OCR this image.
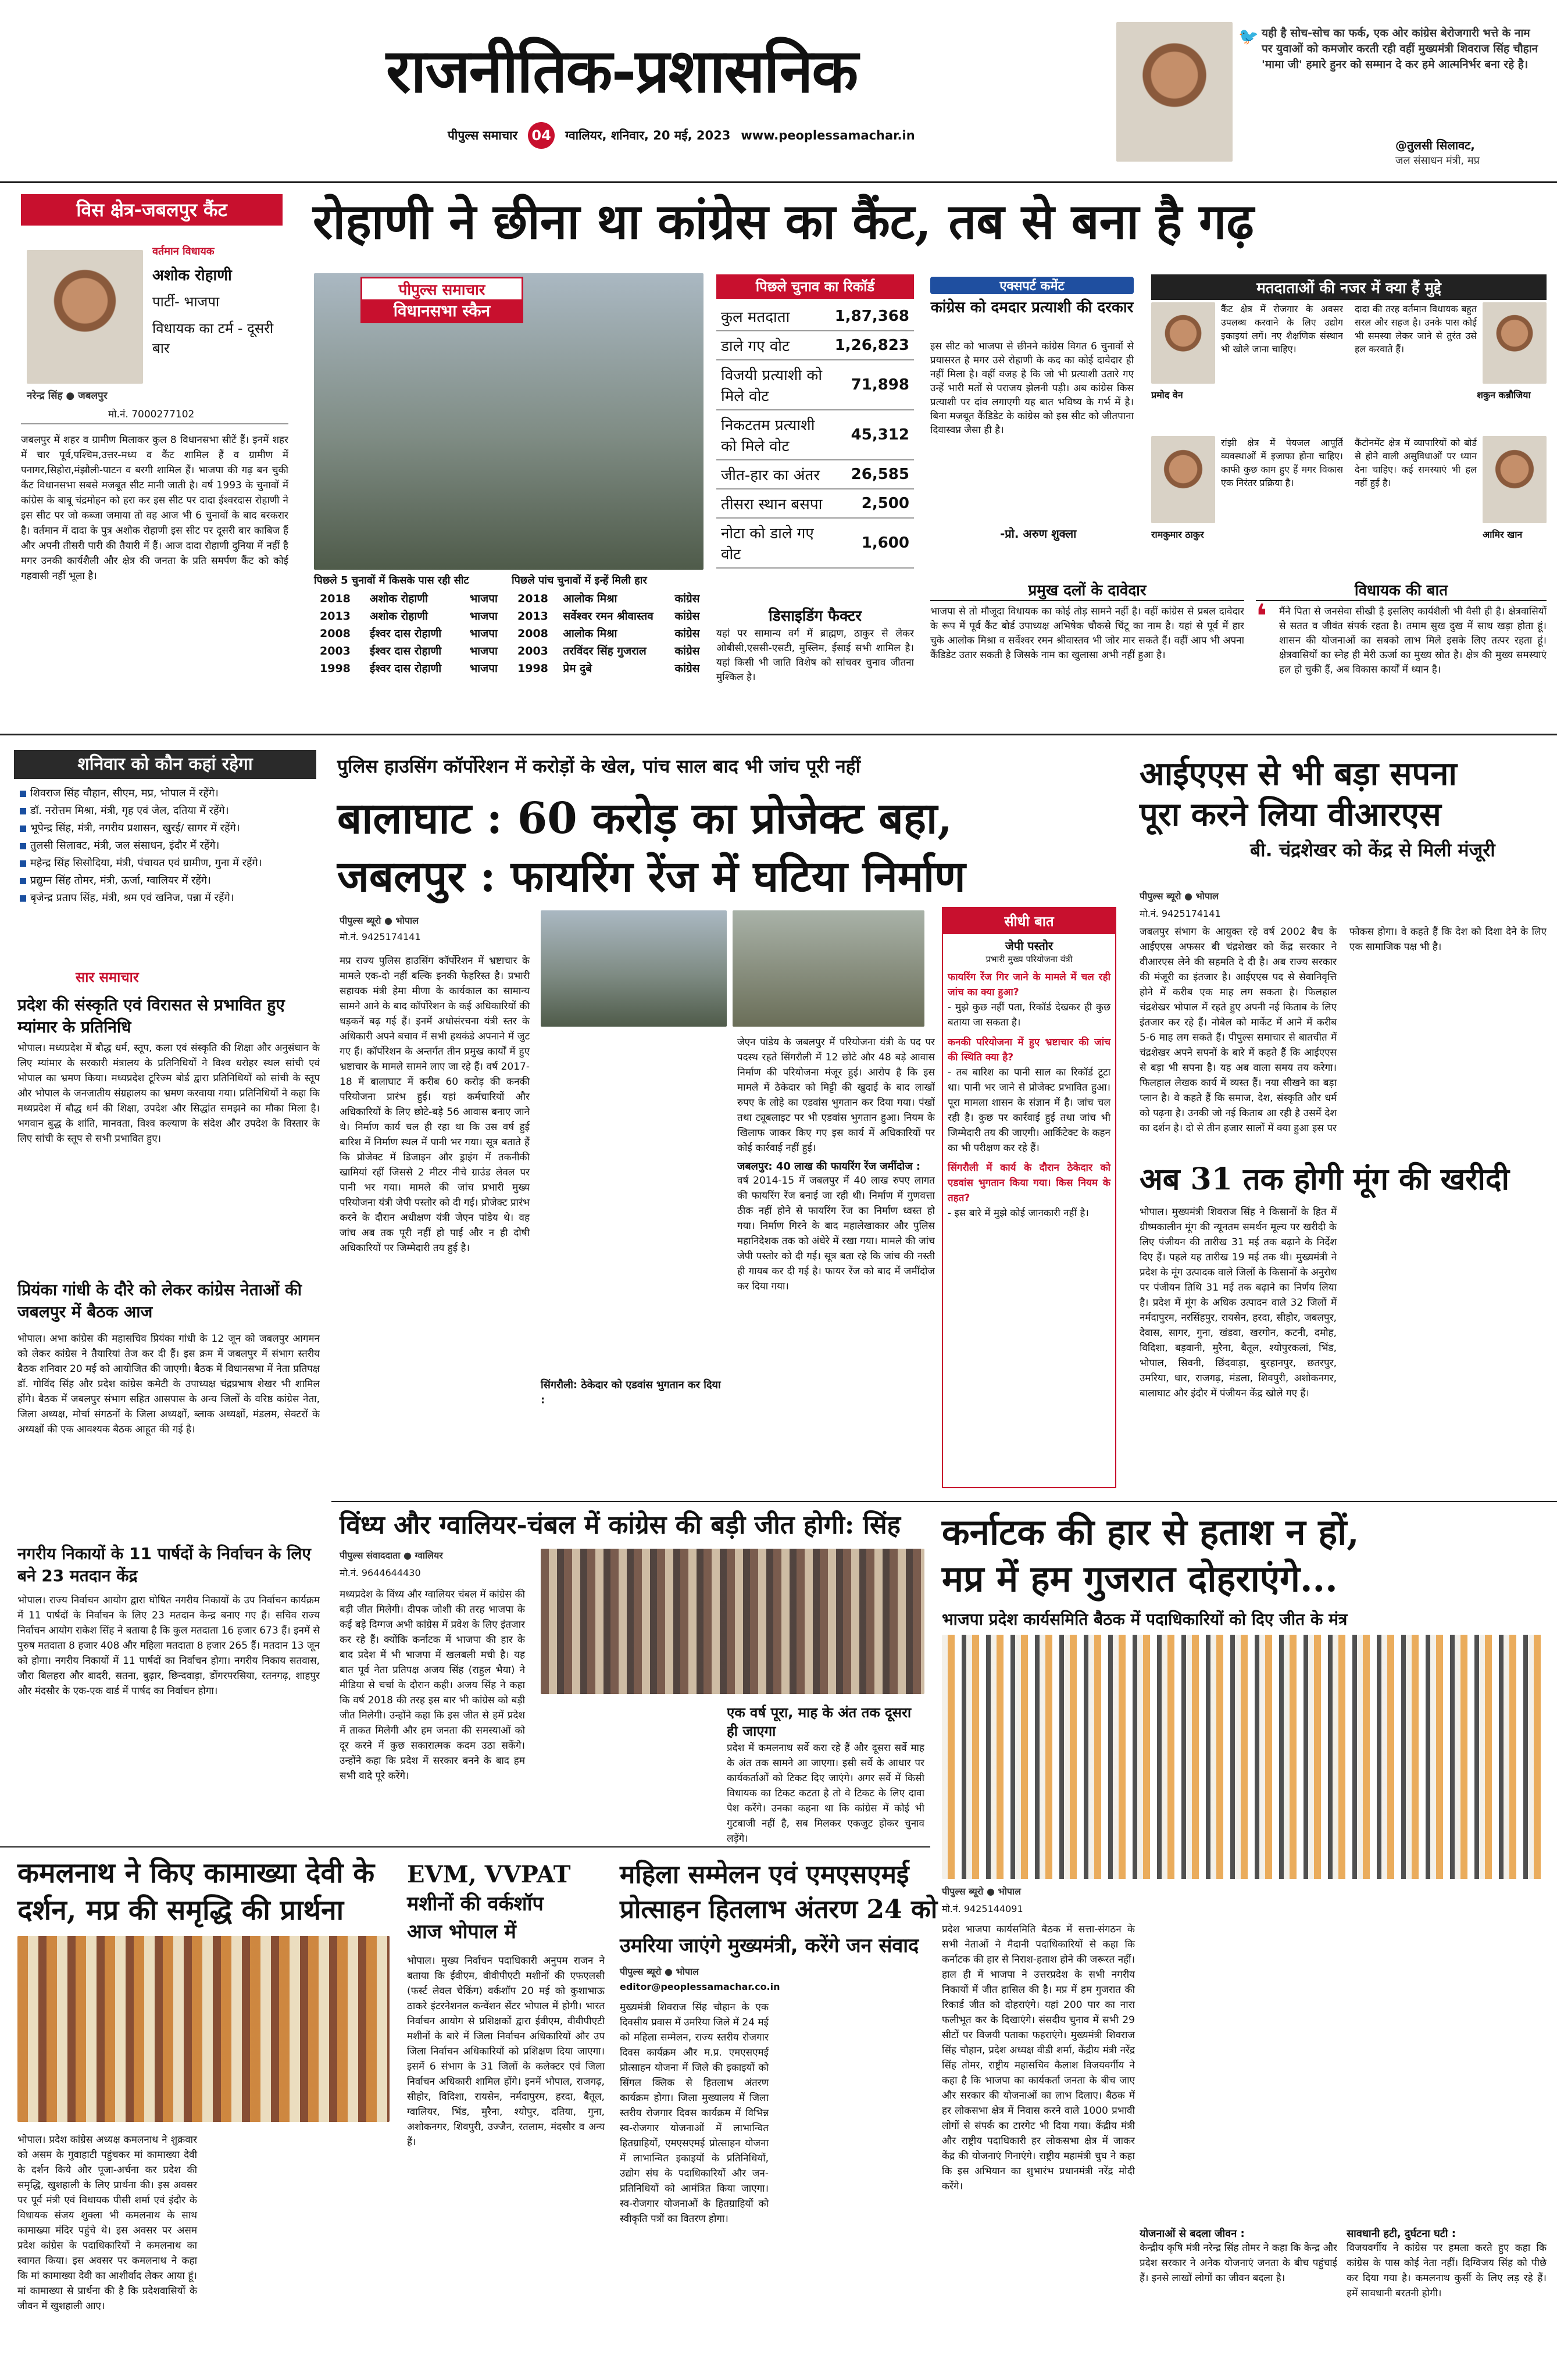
राजनीतिक-प्रशासनिक
पीपुल्स समाचार 04 ग्वालियर, शनिवार, 20 मई, 2023 www.peoplessamachar.in
🐦 यही है सोच-सोच का फर्क, एक ओर कांग्रेस बेरोजगारी भत्ते के नाम पर युवाओं को कमजोर करती रही वहीं मुख्यमंत्री शिवराज सिंह चौहान 'मामा जी' हमारे हुनर को सम्मान दे कर हमे आत्मनिर्भर बना रहे है।
@तुलसी सिलावट,
जल संसाधन मंत्री, मप्र
विस क्षेत्र-जबलपुर कैंट	रोहाणी ने छीना था कांग्रेस का कैंट, तब से बना है गढ़
वर्तमान विधायक
अशोक रोहाणी
पार्टी- भाजपा
विधायक का टर्म - दूसरी बार
नरेन्द्र सिंह ● जबलपुर
मो.नं. 7000277102
जबलपुर में शहर व ग्रामीण मिलाकर कुल 8 विधानसभा सीटें हैं। इनमें शहर में चार पूर्व,पश्चिम,उत्तर-मध्य व कैंट शामिल हैं व ग्रामीण में पनागर,सिहोरा,मंझौली-पाटन व बरगी शामिल हैं। भाजपा की गढ़ बन चुकी कैंट विधानसभा सबसे मजबूत सीट मानी जाती है। वर्ष 1993 के चुनावों में कांग्रेस के बाबू चंद्रमोहन को हरा कर इस सीट पर दादा ईश्वरदास रोहाणी ने इस सीट पर जो कब्जा जमाया तो वह आज भी 6 चुनावों के बाद बरकरार है। वर्तमान में दादा के पुत्र अशोक रोहाणी इस सीट पर दूसरी बार काबिज हैं और अपनी तीसरी पारी की तैयारी में हैं। आज दादा रोहाणी दुनिया में नहीं है मगर उनकी कार्यशैली और क्षेत्र की जनता के प्रति समर्पण कैंट को कोई गहवासी नहीं भूला है।
पीपुल्स समाचार
विधानसभा स्कैन
पिछले 5 चुनावों में किसके पास रही सीट
2018	अशोक रोहाणी	भाजपा
2013	अशोक रोहाणी	भाजपा
2008	ईश्वर दास रोहाणी	भाजपा
2003	ईश्वर दास रोहाणी	भाजपा
1998	ईश्वर दास रोहाणी	भाजपा
पिछले पांच चुनावों में इन्हें मिली हार
2018	आलोक मिश्रा	कांग्रेस
2013	सर्वेश्वर रमन श्रीवास्तव	कांग्रेस
2008	आलोक मिश्रा	कांग्रेस
2003	तरविंदर सिंह गुजराल	कांग्रेस
1998	प्रेम दुबे	कांग्रेस
पिछले चुनाव का रिकॉर्ड
कुल मतदाता	1,87,368
डाले गए वोट	1,26,823
विजयी प्रत्याशी को मिले वोट	71,898
निकटतम प्रत्याशी को मिले वोट	45,312
जीत-हार का अंतर	26,585
तीसरा स्थान बसपा	2,500
नोटा को डाले गए वोट	1,600
डिसाइडिंग फैक्टर
यहां पर सामान्य वर्ग में ब्राह्मण, ठाकुर से लेकर ओबीसी,एससी-एसटी, मुस्लिम, ईसाई सभी शामिल है। यहां किसी भी जाति विशेष को सांचवर चुनाव जीतना मुश्किल है।
एक्सपर्ट कमेंट
कांग्रेस को दमदार प्रत्याशी की दरकार
इस सीट को भाजपा से छीनने कांग्रेस विगत 6 चुनावों से प्रयासरत है मगर उसे रोहाणी के कद का कोई दावेदार ही नहीं मिला है। वहीं वजह है कि जो भी प्रत्याशी उतारे गए उन्हें भारी मतों से पराजय झेलनी पड़ी। अब कांग्रेस किस प्रत्याशी पर दांव लगाएगी यह बात भविष्य के गर्भ में है। बिना मजबूत कैंडिडेट के कांग्रेस को इस सीट को जीतपाना दिवास्वप्न जैसा ही है।
-प्रो. अरुण शुक्ला
मतदाताओं की नजर में क्या हैं मुद्दे
कैंट क्षेत्र में रोजगार के अवसर उपलब्ध करवाने के लिए उद्योग इकाइयां लगें। नए शैक्षणिक संस्थान भी खोले जाना चाहिए।
प्रमोद वेन
दादा की तरह वर्तमान विधायक बहुत सरल और सहज है। उनके पास कोई भी समस्या लेकर जाने से तुरंत उसे हल करवाते हैं।
शकुन कन्नौजिया
रांझी क्षेत्र में पेयजल आपूर्ति व्यवस्थाओं में इजाफा होना चाहिए। काफी कुछ काम हुए हैं मगर विकास एक निरंतर प्रक्रिया है।
रामकुमार ठाकुर
कैंटोनमेंट क्षेत्र में व्यापारियों को बोर्ड से होने वाली असुविधाओं पर ध्यान देना चाहिए। कई समस्याएं भी हल नहीं हुई है।
आमिर खान
प्रमुख दलों के दावेदार
भाजपा से तो मौजूदा विधायक का कोई तोड़ सामने नहीं है। वहीं कांग्रेस से प्रबल दावेदार के रूप में पूर्व कैंट बोर्ड उपाध्यक्ष अभिषेक चौकसे चिंटू का नाम है। यहां से पूर्व में हार चुके आलोक मिश्रा व सर्वेश्वर रमन श्रीवास्तव भी जोर मार सकते हैं। वहीं आप भी अपना कैंडिडेट उतार सकती है जिसके नाम का खुलासा अभी नहीं हुआ है।
विधायक की बात
❛ मैंने पिता से जनसेवा सीखी है इसलिए कार्यशैली भी वैसी ही है। क्षेत्रवासियों से सतत व जीवंत संपर्क रहता है। तमाम सुख दुख में साथ खड़ा होता हूं। शासन की योजनाओं का सबको लाभ मिले इसके लिए तत्पर रहता हूं। क्षेत्रवासियों का स्नेह ही मेरी ऊर्जा का मुख्य स्रोत है। क्षेत्र की मुख्य समस्याएं हल हो चुकी हैं, अब विकास कार्यों में ध्यान है।
शनिवार को कौन कहां रहेगा
शिवराज सिंह चौहान, सीएम, मप्र, भोपाल में रहेंगे।
डॉ. नरोत्तम मिश्रा, मंत्री, गृह एवं जेल, दतिया में रहेंगे।
भूपेन्द्र सिंह, मंत्री, नगरीय प्रशासन, खुरई/ सागर में रहेंगे।
तुलसी सिलावट, मंत्री, जल संसाधन, इंदौर में रहेंगे।
महेन्द्र सिंह सिसोदिया, मंत्री, पंचायत एवं ग्रामीण, गुना में रहेंगे।
प्रद्युम्न सिंह तोमर, मंत्री, ऊर्जा, ग्वालियर में रहेंगे।
बृजेन्द्र प्रताप सिंह, मंत्री, श्रम एवं खनिज, पन्ना में रहेंगे।
सार समाचार
प्रदेश की संस्कृति एवं विरासत से प्रभावित हुए म्यांमार के प्रतिनिधि
भोपाल। मध्यप्रदेश में बौद्ध धर्म, स्तूप, कला एवं संस्कृति की शिक्षा और अनुसंधान के लिए म्यांमार के सरकारी मंत्रालय के प्रतिनिधियों ने विश्व धरोहर स्थल सांची एवं भोपाल का भ्रमण किया। मध्यप्रदेश टूरिज्म बोर्ड द्वारा प्रतिनिधियों को सांची के स्तूप और भोपाल के जनजातीय संग्रहालय का भ्रमण करवाया गया। प्रतिनिधियों ने कहा कि मध्यप्रदेश में बौद्ध धर्म की शिक्षा, उपदेश और सिद्धांत समझने का मौका मिला है। भगवान बुद्ध के शांति, मानवता, विश्व कल्याण के संदेश और उपदेश के विस्तार के लिए सांची के स्तूप से सभी प्रभावित हुए।
प्रियंका गांधी के दौरे को लेकर कांग्रेस नेताओं की जबलपुर में बैठक आज
भोपाल। अभा कांग्रेस की महासचिव प्रियंका गांधी के 12 जून को जबलपुर आगमन को लेकर कांग्रेस ने तैयारियां तेज कर दी हैं। इस क्रम में जबलपुर में संभाग स्तरीय बैठक शनिवार 20 मई को आयोजित की जाएगी। बैठक में विधानसभा में नेता प्रतिपक्ष डॉ. गोविंद सिंह और प्रदेश कांग्रेस कमेटी के उपाध्यक्ष चंद्रप्रभाष शेखर भी शामिल होंगे। बैठक में जबलपुर संभाग सहित आसपास के अन्य जिलों के वरिष्ठ कांग्रेस नेता, जिला अध्यक्ष, मोर्चा संगठनों के जिला अध्यक्षों, ब्लाक अध्यक्षों, मंडलम, सेक्टरों के अध्यक्षों की एक आवश्यक बैठक आहूत की गई है।
नगरीय निकायों के 11 पार्षदों के निर्वाचन के लिए बने 23 मतदान केंद्र
भोपाल। राज्य निर्वाचन आयोग द्वारा घोषित नगरीय निकायों के उप निर्वाचन कार्यक्रम में 11 पार्षदों के निर्वाचन के लिए 23 मतदान केन्द्र बनाए गए हैं। सचिव राज्य निर्वाचन आयोग राकेश सिंह ने बताया है कि कुल मतदाता 16 हजार 673 हैं। इनमें से पुरुष मतदाता 8 हजार 408 और महिला मतदाता 8 हजार 265 हैं। मतदान 13 जून को होगा। नगरीय निकायों में 11 पार्षदों का निर्वाचन होगा। नगरीय निकाय सतवास, जौरा बिलहरा और बादरी, सतना, बुढ़ार, छिन्दवाड़ा, डोंगरपरसिया, रतनगढ़, शाहपुर और मंदसौर के एक-एक वार्ड में पार्षद का निर्वाचन होगा।
पुलिस हाउसिंग कॉर्पोरेशन में करोड़ों के खेल, पांच साल बाद भी जांच पूरी नहीं
बालाघाट : 60 करोड़ का प्रोजेक्ट बहा,
जबलपुर : फायरिंग रेंज में घटिया निर्माण
पीपुल्स ब्यूरो ● भोपाल
मो.नं. 9425174141
मप्र राज्य पुलिस हाउसिंग कॉर्पोरेशन में भ्रष्टाचार के मामले एक-दो नहीं बल्कि इनकी फेहरिस्त है। प्रभारी सहायक मंत्री हेमा मीणा के कार्यकाल का सामान्य सामने आने के बाद कॉर्पोरेशन के कई अधिकारियों की धड़कनें बढ़ गई हैं। इनमें अधोसंरचना यंत्री स्तर के अधिकारी अपने बचाव में सभी हथकंडे अपनाने में जुट गए हैं। कॉर्पोरेशन के अन्तर्गत तीन प्रमुख कार्यों में हुए भ्रष्टाचार के मामले सामने लाए जा रहे हैं। वर्ष 2017-18 में बालाघाट में करीब 60 करोड़ की कनकी परियोजना प्रारंभ हुई। यहां कर्मचारियों और अधिकारियों के लिए छोटे-बड़े 56 आवास बनाए जाने थे। निर्माण कार्य चल ही रहा था कि उस वर्ष हुई बारिश में निर्माण स्थल में पानी भर गया। सूत्र बताते हैं कि प्रोजेक्ट में डिजाइन और ड्राइंग में तकनीकी खामियां रहीं जिससे 2 मीटर नीचे ग्राउंड लेवल पर पानी भर गया। मामले की जांच प्रभारी मुख्य परियोजना यंत्री जेपी पस्तोर को दी गई। प्रोजेक्ट प्रारंभ करने के दौरान अधीक्षण यंत्री जेएन पांडेय थे। वह जांच अब तक पूरी नहीं हो पाई और न ही दोषी अधिकारियों पर जिम्मेदारी तय हुई है।
जेएन पांडेय के जबलपुर में परियोजना यंत्री के पद पर पदस्थ रहते सिंगरौली में 12 छोटे और 48 बड़े आवास निर्माण की परियोजना मंजूर हुई। आरोप है कि इस मामले में ठेकेदार को मिट्टी की खुदाई के बाद लाखों रुपए के लोहे का एडवांस भुगतान कर दिया गया। पंखों तथा ट्यूबलाइट पर भी एडवांस भुगतान हुआ। नियम के खिलाफ जाकर किए गए इस कार्य में अधिकारियों पर कोई कार्रवाई नहीं हुई।
जबलपुर: 40 लाख की फायरिंग रेंज जमींदोज :
वर्ष 2014-15 में जबलपुर में 40 लाख रुपए लागत की फायरिंग रेंज बनाई जा रही थी। निर्माण में गुणवत्ता ठीक नहीं होने से फायरिंग रेंज का निर्माण ध्वस्त हो गया। निर्माण गिरने के बाद महालेखाकार और पुलिस महानिदेशक तक को अंधेरे में रखा गया। मामले की जांच जेपी पस्तोर को दी गई। सूत्र बता रहे कि जांच की नस्ती ही गायब कर दी गई है। फायर रेंज को बाद में जमींदोज कर दिया गया।
सिंगरौली: ठेकेदार को एडवांस भुगतान कर दिया :
सीधी बात
जेपी पस्तोर
प्रभारी मुख्य परियोजना यंत्री
फायरिंग रेंज गिर जाने के मामले में चल रही जांच का क्या हुआ?
- मुझे कुछ नहीं पता, रिकॉर्ड देखकर ही कुछ बताया जा सकता है।
कनकी परियोजना में हुए भ्रष्टाचार की जांच की स्थिति क्या है?
- तब बारिश का पानी साल का रिकॉर्ड टूटा था। पानी भर जाने से प्रोजेक्ट प्रभावित हुआ। पूरा मामला शासन के संज्ञान में है। जांच चल रही है। कुछ पर कार्रवाई हुई तथा जांच भी जिम्मेदारी तय की जाएगी। आर्किटेक्ट के कहन का भी परीक्षण कर रहे हैं।
सिंगरौली में कार्य के दौरान ठेकेदार को एडवांस भुगतान किया गया। किस नियम के तहत?
- इस बारे में मुझे कोई जानकारी नहीं है।
आईएएस से भी बड़ा सपना
पूरा करने लिया वीआरएस
बी. चंद्रशेखर को केंद्र से मिली मंजूरी
पीपुल्स ब्यूरो ● भोपाल
मो.नं. 9425174141
जबलपुर संभाग के आयुक्त रहे वर्ष 2002 बैच के आईएएस अफसर बी चंद्रशेखर को केंद्र सरकार ने वीआरएस लेने की सहमति दे दी है। अब राज्य सरकार की मंजूरी का इंतजार है। आईएएस पद से सेवानिवृत्ति होने में करीब एक माह लग सकता है। फिलहाल चंद्रशेखर भोपाल में रहते हुए अपनी नई किताब के लिए इंतजार कर रहे हैं। नोबेल को मार्केट में आने में करीब 5-6 माह लग सकते हैं। पीपुल्स समाचार से बातचीत में चंद्रशेखर अपने सपनों के बारे में कहते हैं कि आईएएस से बड़ा भी सपना है। यह अब वाला समय तय करेगा। फिलहाल लेखक कार्य में व्यस्त हैं। नया सीखने का बड़ा प्लान है। वे कहते हैं कि समाज, देश, संस्कृति और धर्म को पढ़ना है। उनकी जो नई किताब आ रही है उसमें देश का दर्शन है। दो से तीन हजार सालों में क्या हुआ इस पर फोकस होगा। वे कहते हैं कि देश को दिशा देने के लिए एक सामाजिक पक्ष भी है।
अब 31 तक होगी मूंग की खरीदी
भोपाल। मुख्यमंत्री शिवराज सिंह ने किसानों के हित में ग्रीष्मकालीन मूंग की न्यूनतम समर्थन मूल्य पर खरीदी के लिए पंजीयन की तारीख 31 मई तक बढ़ाने के निर्देश दिए हैं। पहले यह तारीख 19 मई तक थी। मुख्यमंत्री ने प्रदेश के मूंग उत्पादक वाले जिलों के किसानों के अनुरोध पर पंजीयन तिथि 31 मई तक बढ़ाने का निर्णय लिया है। प्रदेश में मूंग के अधिक उत्पादन वाले 32 जिलों में नर्मदापुरम, नरसिंहपुर, रायसेन, हरदा, सीहोर, जबलपुर, देवास, सागर, गुना, खंडवा, खरगोन, कटनी, दमोह, विदिशा, बड़वानी, मुरैना, बैतूल, श्योपुरकलां, भिंड, भोपाल, सिवनी, छिंदवाड़ा, बुरहानपुर, छतरपुर, उमरिया, धार, राजगढ़, मंडला, शिवपुरी, अशोकनगर, बालाघाट और इंदौर में पंजीयन केंद्र खोले गए हैं।
विंध्य और ग्वालियर-चंबल में कांग्रेस की बड़ी जीत होगी: सिंह
पीपुल्स संवाददाता ● ग्वालियर
मो.नं. 9644644430
मध्यप्रदेश के विंध्य और ग्वालियर चंबल में कांग्रेस की बड़ी जीत मिलेगी। दीपक जोशी की तरह भाजपा के कई बड़े दिग्गज अभी कांग्रेस में प्रवेश के लिए इंतजार कर रहे हैं। क्योंकि कर्नाटक में भाजपा की हार के बाद प्रदेश में भी भाजपा में खलबली मची है। यह बात पूर्व नेता प्रतिपक्ष अजय सिंह (राहुल भैया) ने मीडिया से चर्चा के दौरान कही। अजय सिंह ने कहा कि वर्ष 2018 की तरह इस बार भी कांग्रेस को बड़ी जीत मिलेगी। उन्होंने कहा कि इस जीत से हमें प्रदेश में ताकत मिलेगी और हम जनता की समस्याओं को दूर करने में कुछ सकारात्मक कदम उठा सकेंगे। उन्होंने कहा कि प्रदेश में सरकार बनने के बाद हम सभी वादे पूरे करेंगे।
एक वर्ष पूरा, माह के अंत तक दूसरा ही जाएगा
प्रदेश में कमलनाथ सर्वे करा रहे हैं और दूसरा सर्वे माह के अंत तक सामने आ जाएगा। इसी सर्वे के आधार पर कार्यकर्ताओं को टिकट दिए जाएंगे। अगर सर्वे में किसी विधायक का टिकट कटता है तो वे टिकट के लिए दावा पेश करेंगे। उनका कहना था कि कांग्रेस में कोई भी गुटबाजी नहीं है, सब मिलकर एकजुट होकर चुनाव लड़ेंगे।
कर्नाटक की हार से हताश न हों,
मप्र में हम गुजरात दोहराएंगे...
भाजपा प्रदेश कार्यसमिति बैठक में पदाधिकारियों को दिए जीत के मंत्र
पीपुल्स ब्यूरो ● भोपाल
मो.नं. 9425144091
प्रदेश भाजपा कार्यसमिति बैठक में सत्ता-संगठन के सभी नेताओं ने मैदानी पदाधिकारियों से कहा कि कर्नाटक की हार से निराश-हताश होने की जरूरत नहीं। हाल ही में भाजपा ने उत्तरप्रदेश के सभी नगरीय निकायों में जीत हासिल की है। मप्र में हम गुजरात की रिकार्ड जीत को दोहराएंगे। यहां 200 पार का नारा फलीभूत कर के दिखाएंगे। संसदीय चुनाव में सभी 29 सीटों पर विजयी पताका फहराएंगे। मुख्यमंत्री शिवराज सिंह चौहान, प्रदेश अध्यक्ष वीडी शर्मा, केंद्रीय मंत्री नरेंद्र सिंह तोमर, राष्ट्रीय महासचिव कैलाश विजयवर्गीय ने कहा है कि भाजपा का कार्यकर्ता जनता के बीच जाए और सरकार की योजनाओं का लाभ दिलाए। बैठक में हर लोकसभा क्षेत्र में निवास करने वाले 1000 प्रभावी लोगों से संपर्क का टारगेट भी दिया गया। केंद्रीय मंत्री और राष्ट्रीय पदाधिकारी हर लोकसभा क्षेत्र में जाकर केंद्र की योजनाएं गिनाएंगे। राष्ट्रीय महामंत्री चुघ ने कहा कि इस अभियान का शुभारंभ प्रधानमंत्री नरेंद्र मोदी करेंगे।
सावधानी हटी, दुर्घटना घटी :
विजयवर्गीय ने कांग्रेस पर हमला करते हुए कहा कि कांग्रेस के पास कोई नेता नहीं। दिग्विजय सिंह को पीछे कर दिया गया है। कमलनाथ कुर्सी के लिए लड़ रहे हैं। हमें सावधानी बरतनी होगी।
योजनाओं से बदला जीवन :
केन्द्रीय कृषि मंत्री नरेन्द्र सिंह तोमर ने कहा कि केन्द्र और प्रदेश सरकार ने अनेक योजनाएं जनता के बीच पहुंचाई हैं। इनसे लाखों लोगों का जीवन बदला है।
कमलनाथ ने किए कामाख्या देवी के दर्शन, मप्र की समृद्धि की प्रार्थना
भोपाल। प्रदेश कांग्रेस अध्यक्ष कमलनाथ ने शुक्रवार को असम के गुवाहाटी पहुंचकर मां कामाख्या देवी के दर्शन किये और पूजा-अर्चना कर प्रदेश की समृद्धि, खुशहाली के लिए प्रार्थना की। इस अवसर पर पूर्व मंत्री एवं विधायक पीसी शर्मा एवं इंदौर के विधायक संजय शुक्ला भी कमलनाथ के साथ कामाख्या मंदिर पहुंचे थे। इस अवसर पर असम प्रदेश कांग्रेस के पदाधिकारियों ने कमलनाथ का स्वागत किया। इस अवसर पर कमलनाथ ने कहा कि मां कामाख्या देवी का आशीर्वाद लेकर आया हूं। मां कामाख्या से प्रार्थना की है कि प्रदेशवासियों के जीवन में खुशहाली आए।
EVM, VVPAT
मशीनों की वर्कशॉप
आज भोपाल में
भोपाल। मुख्य निर्वाचन पदाधिकारी अनुपम राजन ने बताया कि ईवीएम, वीवीपीएटी मशीनों की एफएलसी (फर्स्ट लेवल चेकिंग) वर्कशॉप 20 मई को कुशाभाऊ ठाकरे इंटरनेशनल कन्वेंशन सेंटर भोपाल में होगी। भारत निर्वाचन आयोग से प्रशिक्षकों द्वारा ईवीएम, वीवीपीएटी मशीनों के बारे में जिला निर्वाचन अधिकारियों और उप जिला निर्वाचन अधिकारियों को प्रशिक्षण दिया जाएगा। इसमें 6 संभाग के 31 जिलों के कलेक्टर एवं जिला निर्वाचन अधिकारी शामिल होंगे। इनमें भोपाल, राजगढ़, सीहोर, विदिशा, रायसेन, नर्मदापुरम, हरदा, बैतूल, ग्वालियर, भिंड, मुरैना, श्योपुर, दतिया, गुना, अशोकनगर, शिवपुरी, उज्जैन, रतलाम, मंदसौर व अन्य हैं।
महिला सम्मेलन एवं एमएसएमई
प्रोत्साहन हितलाभ अंतरण 24 को
उमरिया जाएंगे मुख्यमंत्री, करेंगे जन संवाद
पीपुल्स ब्यूरो ● भोपाल
editor@peoplessamachar.co.in
मुख्यमंत्री शिवराज सिंह चौहान के एक दिवसीय प्रवास में उमरिया जिले में 24 मई को महिला सम्मेलन, राज्य स्तरीय रोजगार दिवस कार्यक्रम और म.प्र. एमएसएमई प्रोत्साहन योजना में जिले की इकाइयों को सिंगल क्लिक से हितलाभ अंतरण कार्यक्रम होगा। जिला मुख्यालय में जिला स्तरीय रोजगार दिवस कार्यक्रम में विभिन्न स्व-रोजगार योजनाओं में लाभान्वित हितग्राहियों, एमएसएमई प्रोत्साहन योजना में लाभान्वित इकाइयों के प्रतिनिधियों, उद्योग संघ के पदाधिकारियों और जन-प्रतिनिधियों को आमंत्रित किया जाएगा। स्व-रोजगार योजनाओं के हितग्राहियों को स्वीकृति पत्रों का वितरण होगा।
